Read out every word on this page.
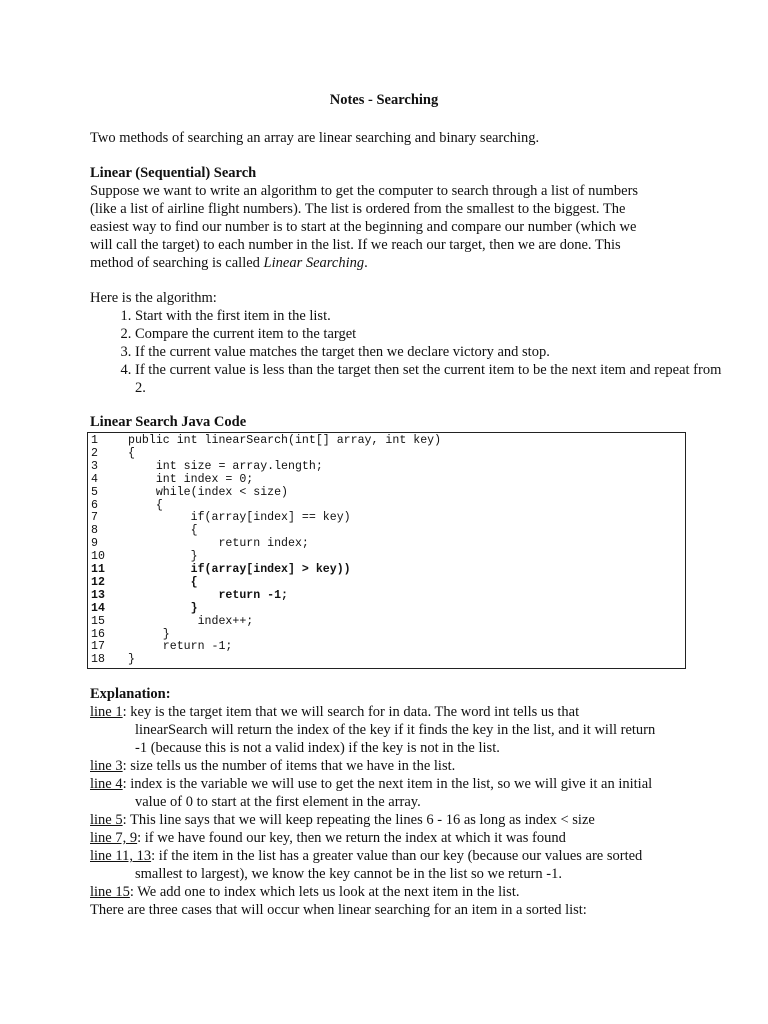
Notes - Searching
Two methods of searching an array are linear searching and binary searching.
Linear (Sequential) Search
Suppose we want to write an algorithm to get the computer to search through a list of numbers
(like a list of airline flight numbers). The list is ordered from the smallest to the biggest. The
easiest way to find our number is to start at the beginning and compare our number (which we
will call the target) to each number in the list. If we reach our target, then we are done. This
method of searching is called Linear Searching.
Here is the algorithm:
1. Start with the first item in the list.
2. Compare the current item to the target
3. If the current value matches the target then we declare victory and stop.
4. If the current value is less than the target then set the current item to be the next item and repeat from 2.
Linear Search Java Code
1	public int linearSearch(int[] array, int key)
2	{
3	int size = array.length;
4	int index = 0;
5	while(index < size)
6	{
7	if(array[index] == key)
8	{
9	return index;
10	}
11	if(array[index] > key))
12	{
13	return -1;
14	}
15	index++;
16	}
17	return -1;
18	}
Explanation:
line 1: key is the target item that we will search for in data. The word int tells us that
linearSearch will return the index of the key if it finds the key in the list, and it will return
-1 (because this is not a valid index) if the key is not in the list.
line 3: size tells us the number of items that we have in the list.
line 4: index is the variable we will use to get the next item in the list, so we will give it an initial
value of 0 to start at the first element in the array.
line 5: This line says that we will keep repeating the lines 6 - 16 as long as index < size
line 7, 9: if we have found our key, then we return the index at which it was found
line 11, 13: if the item in the list has a greater value than our key (because our values are sorted
smallest to largest), we know the key cannot be in the list so we return -1.
line 15: We add one to index which lets us look at the next item in the list.
There are three cases that will occur when linear searching for an item in a sorted list:
